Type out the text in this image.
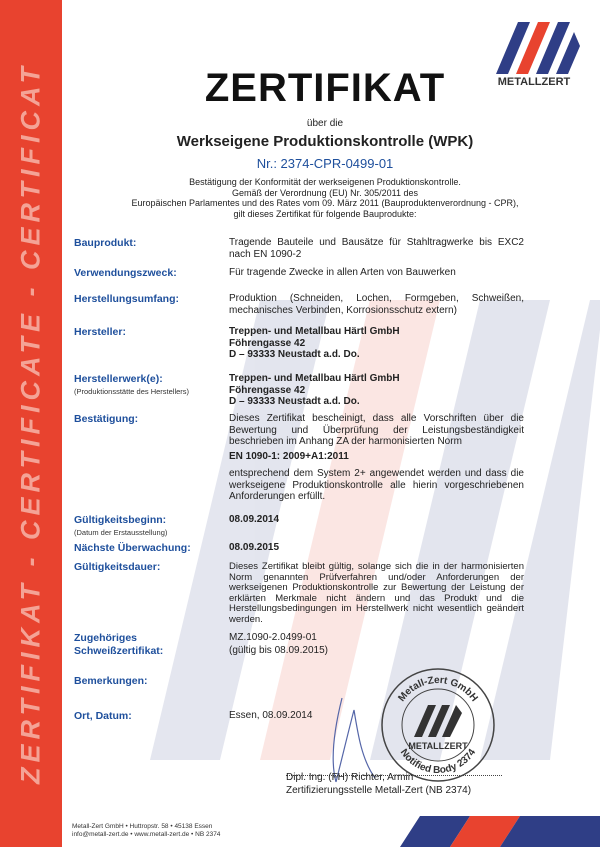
ZERTIFIKAT - CERTIFICATE - CERTIFICAT	METALLZERT
ZERTIFIKAT
über die
Werkseigene Produktionskontrolle (WPK)
Nr.: 2374-CPR-0499-01
Bestätigung der Konformität der werkseigenen Produktionskontrolle.
Gemäß der Verordnung (EU) Nr. 305/2011 des
Europäischen Parlamentes und des Rates vom 09. März 2011 (Bauproduktenverordnung - CPR),
gilt dieses Zertifikat für folgende Bauprodukte:
Bauprodukt:	Tragende Bauteile und Bausätze für Stahltragwerke bis EXC2 nach EN 1090-2
Verwendungszweck:	Für tragende Zwecke in allen Arten von Bauwerken
Herstellungsumfang:	Produktion (Schneiden, Lochen, Formgeben, Schweißen, mechanisches Verbinden, Korrosionsschutz extern)
Hersteller:	Treppen- und Metallbau Härtl GmbH
Föhrengasse 42
D – 93333 Neustadt a.d. Do.
Herstellerwerk(e):
(Produktionsstätte des Herstellers)
Treppen- und Metallbau Härtl GmbH
Föhrengasse 42
D – 93333 Neustadt a.d. Do.
Bestätigung:	Dieses Zertifikat bescheinigt, dass alle Vorschriften über die Bewertung und Überprüfung der Leistungsbeständigkeit beschrieben im Anhang ZA der harmonisierten Norm
EN 1090-1: 2009+A1:2011
entsprechend dem System 2+ angewendet werden und dass die werkseigene Produktionskontrolle alle hierin vorgeschriebenen Anforderungen erfüllt.
Gültigkeitsbeginn:
(Datum der Erstausstellung)
08.09.2014
Nächste Überwachung:	08.09.2015
Gültigkeitsdauer:	Dieses Zertifikat bleibt gültig, solange sich die in der harmonisierten Norm genannten Prüfverfahren und/oder Anforderungen der werkseigenen Produktionskontrolle zur Bewertung der Leistung der erklärten Merkmale nicht ändern und das Produkt und die Herstellungsbedingungen im Herstellwerk nicht wesentlich geändert werden.
Zugehöriges
Schweißzertifikat:
MZ.1090-2.0499-01
(gültig bis 08.09.2015)
Bemerkungen:
Ort, Datum:	Essen, 08.09.2014
Metall-Zert GmbH
Notified Body 2374
METALLZERT
Dipl. Ing. (FH) Richter, Armin
Zertifizierungsstelle Metall-Zert (NB 2374)
Metall-Zert GmbH • Huttropstr. 58 • 45138 Essen
info@metall-zert.de • www.metall-zert.de • NB 2374
